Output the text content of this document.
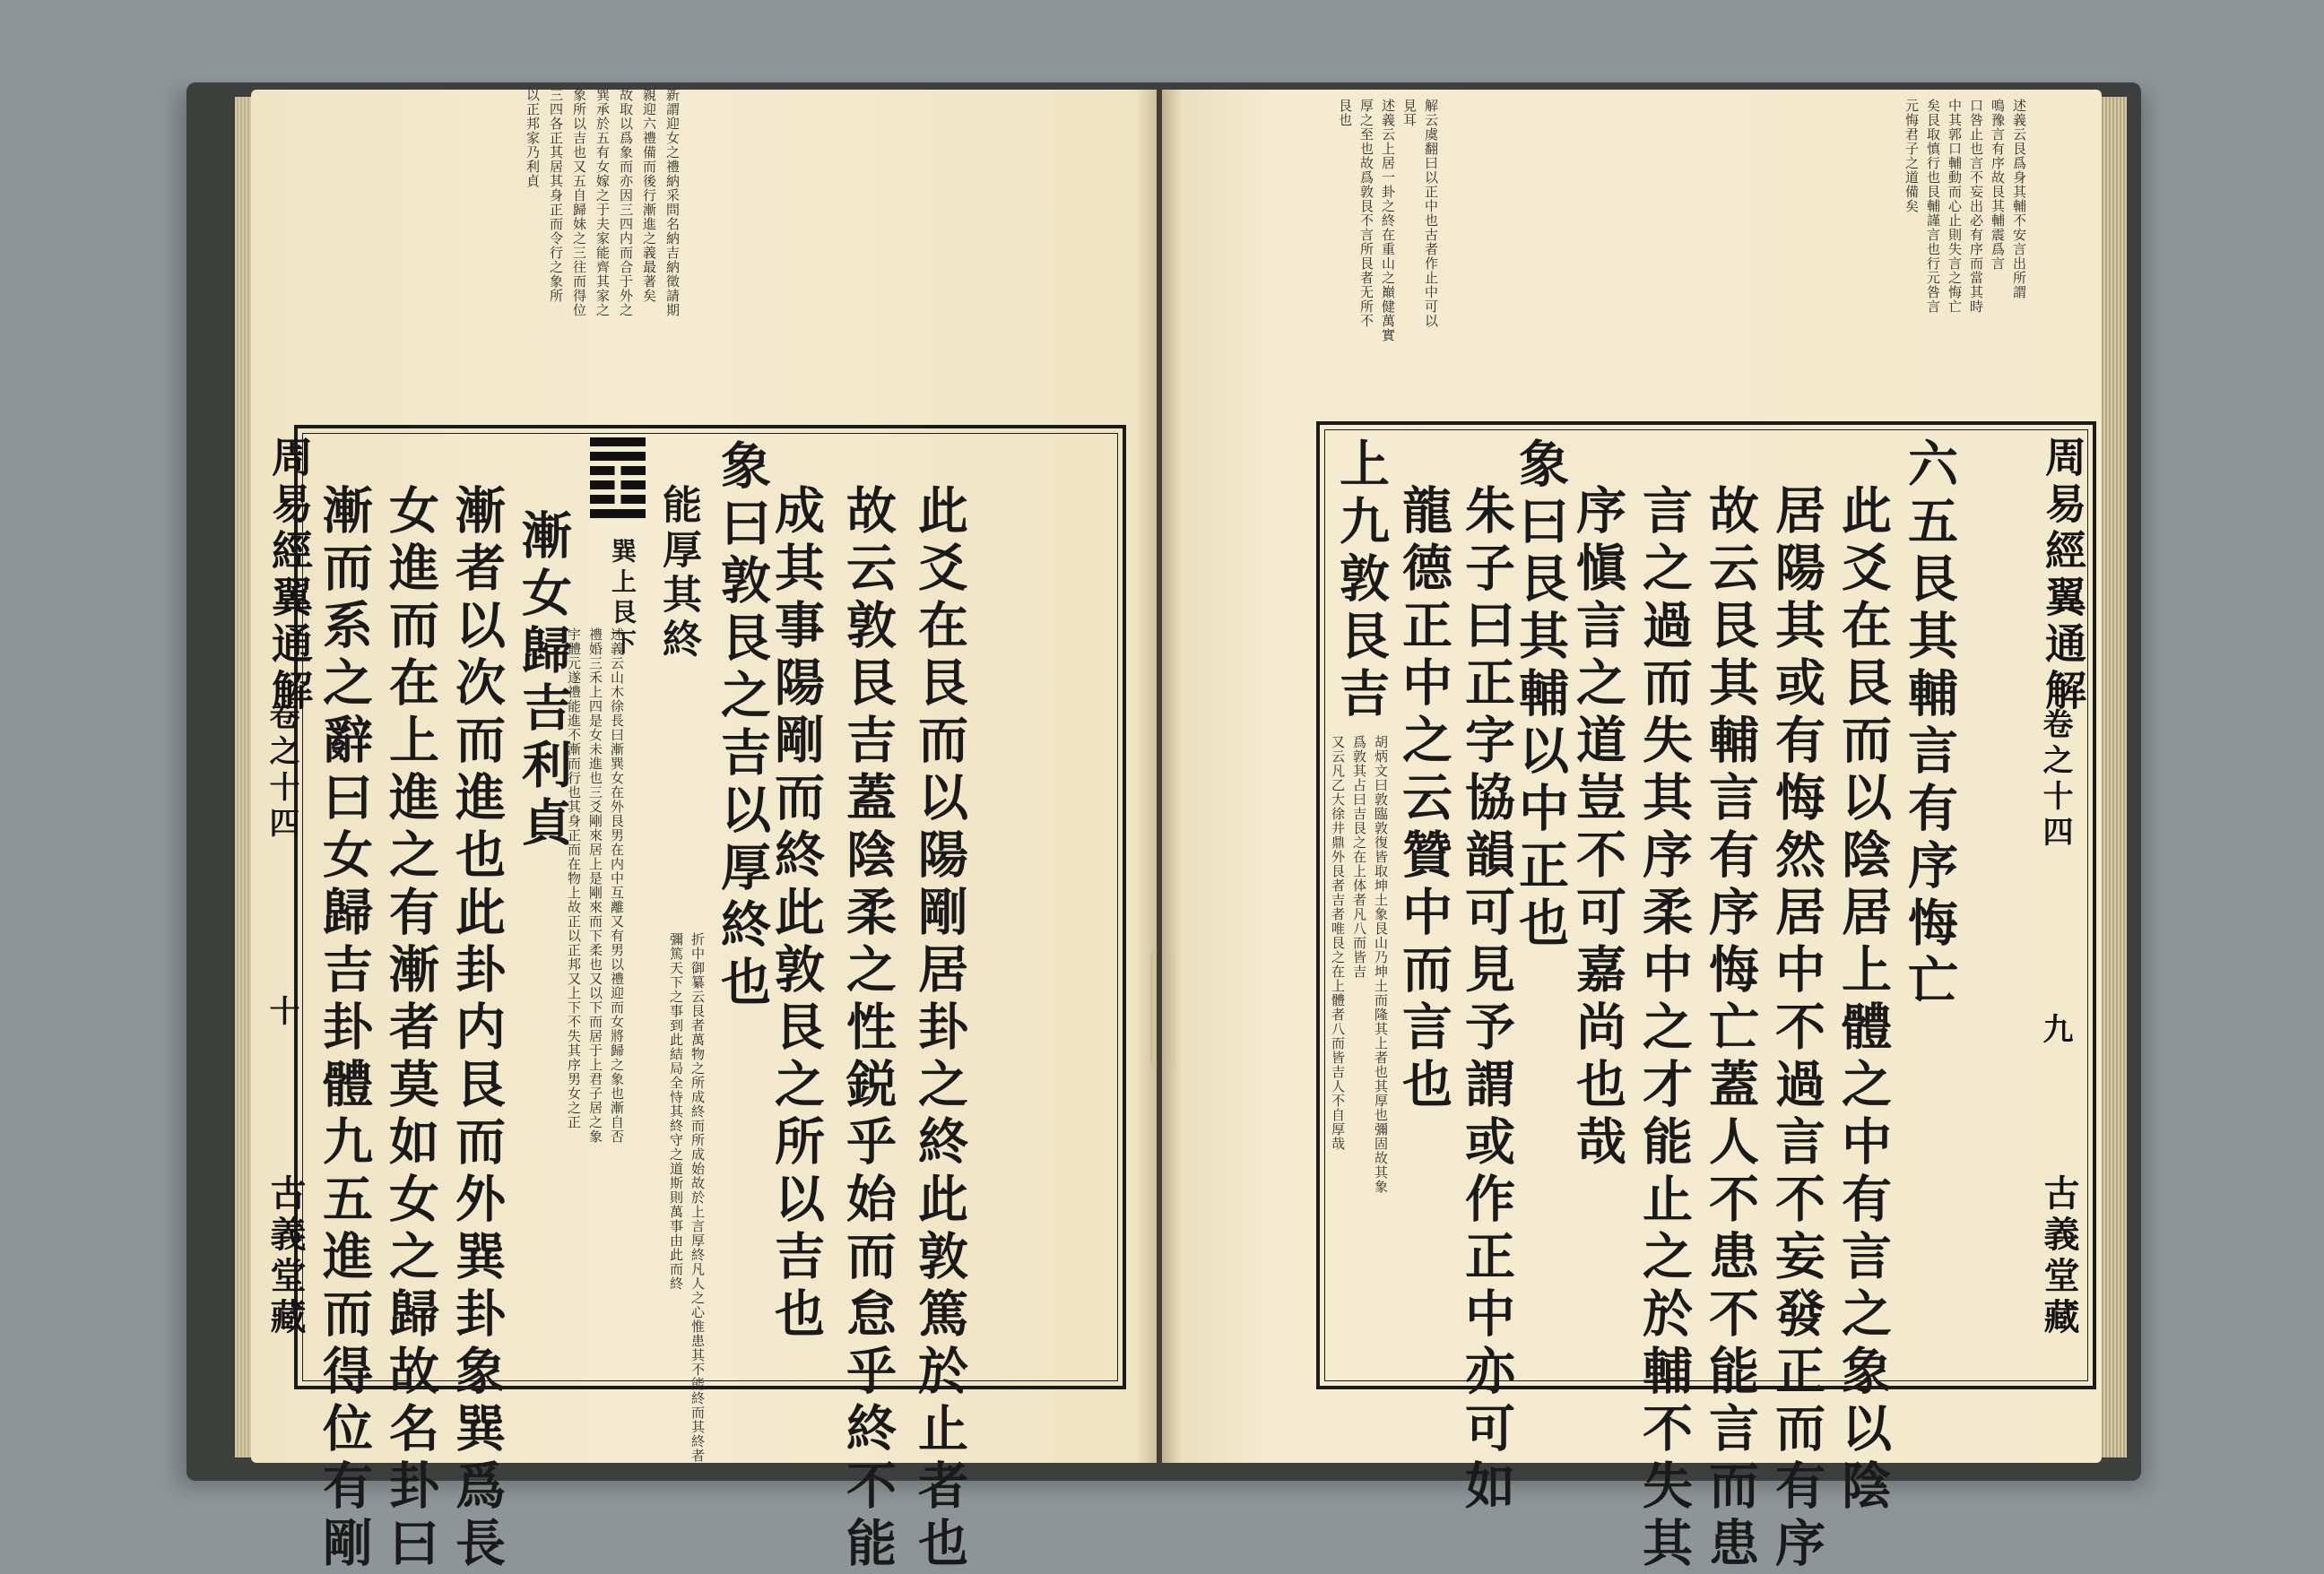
新謂迎女之禮納采問名納吉納徵請期
親迎六禮備而後行漸進之義最著矣
故取以爲象而亦因三四内而合于外之
巽承於五有女嫁之于夫家能齊其家之
象所以吉也又五自歸妹之三往而得位
三四各正其居其身正而令行之象所
以正邦家乃利貞
周易經翼通解
卷之十四
十
古義堂藏	此爻在艮而以陽剛居卦之終此敦篤於止者也
故云敦艮吉蓋陰柔之性鋭乎始而怠乎終不能
成其事陽剛而終此敦艮之所以吉也
象曰敦艮之吉以厚終也
能厚其終
漸女歸吉利貞
漸者以次而進也此卦内艮而外巽卦象巽爲長
女進而在上進之有漸者莫如女之歸故名卦曰
漸而系之辭曰女歸吉卦體九五進而得位有剛	巽上艮下
述義云山木徐長曰漸巽女在外艮男在内中互離又有男以禮迎而女將歸之象也漸自否
禮婚三禾上四是女未進也三爻剛來居上是剛來而下柔也又以下而居于上君子居之象
宇體元遂禮能進不漸而行也其身正而在物上故正以正邦又上下不失其序男女之正
折中御纂云艮者萬物之所成終而所成始故於上言厚終凡人之心惟患其不能終而其終者
彌篤天下之事到此結局全恃其終守之道斯則萬事由此而終
述義云艮爲身其輔不安言出所謂
鳴豫言有序故艮其輔震爲言
口咎止也言不妄出必有序而當其時
中其郭口輔動而心止則失言之悔亡
矣艮取慎行也艮輔謹言也行元咎言
元悔君子之道備矣
解云虞翻曰以正中也古者作止中可以
見耳
述義云上居一卦之終在重山之巔健萬實
厚之至也故爲敦艮不言所艮者无所不
艮也
周易經翼通解
卷之十四
九
古義堂藏
六五艮其輔言有序悔亡
此爻在艮而以陰居上體之中有言之象以陰
居陽其或有悔然居中不過言不妄發正而有序
故云艮其輔言有序悔亡蓋人不患不能言而患
言之過而失其序柔中之才能止之於輔不失其
序愼言之道豈不可嘉尚也哉
象曰艮其輔以中正也
朱子曰正字協韻可見予謂或作正中亦可如
龍德正中之云贊中而言也
上九敦艮吉
胡炳文曰敦臨敦復皆取坤土象艮山乃坤土而隆其上者也其厚也彌固故其象
爲敦其占曰吉艮之在上体者凡八而皆吉
又云凡乙大徐井鼎外艮者吉者唯艮之在上體者八而皆吉人不自厚哉
